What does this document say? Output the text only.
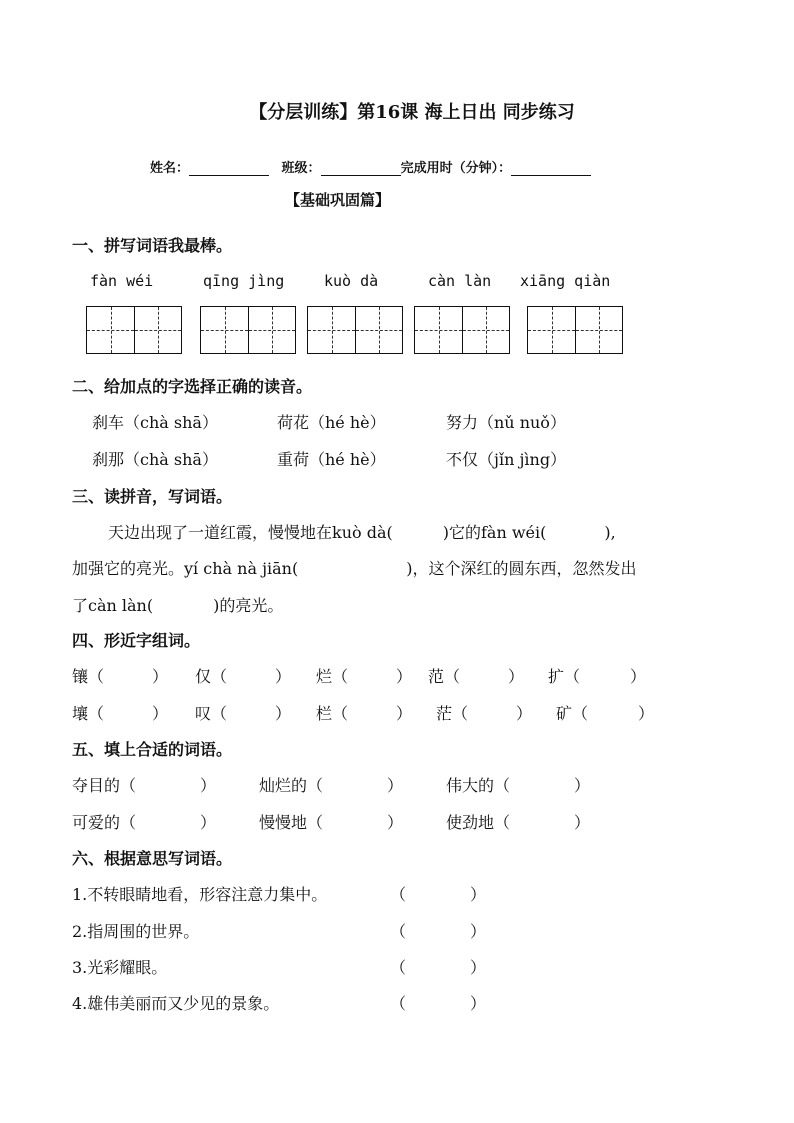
【分层训练】第16课 海上日出 同步练习
姓名：	班级：	完成用时（分钟）：
【基础巩固篇】
一、拼写词语我最棒。
fàn wéi	qīng jìng	kuò dà	càn làn xiāng qiàn
二、给加点的字选择正确的读音。
刹车（chà shā）	荷花（hé hè）	努力（nǔ nuǒ）
刹那（chà shā）	重荷（hé hè）	不仅（jǐn jìng）
三、读拼音，写词语。
天边出现了一道红霞，慢慢地在kuò dà(	)它的fàn wéi(	),
加强它的亮光。yí chà nà jiān(	)，这个深红的圆东西，忽然发出
了càn làn(	)的亮光。
四、形近字组词。
镶（	） 仅（	） 烂（	） 范（	） 扩（	）
壤（	） 叹（	） 栏（	） 茫（	） 矿（	）
五、填上合适的词语。
夺目的（	）	灿烂的（	）	伟大的（	）
可爱的（	）	慢慢地（	）	使劲地（	）
六、根据意思写词语。
1.不转眼睛地看，形容注意力集中。	（	）
2.指周围的世界。	（	）
3.光彩耀眼。	（	）
4.雄伟美丽而又少见的景象。	（	）
